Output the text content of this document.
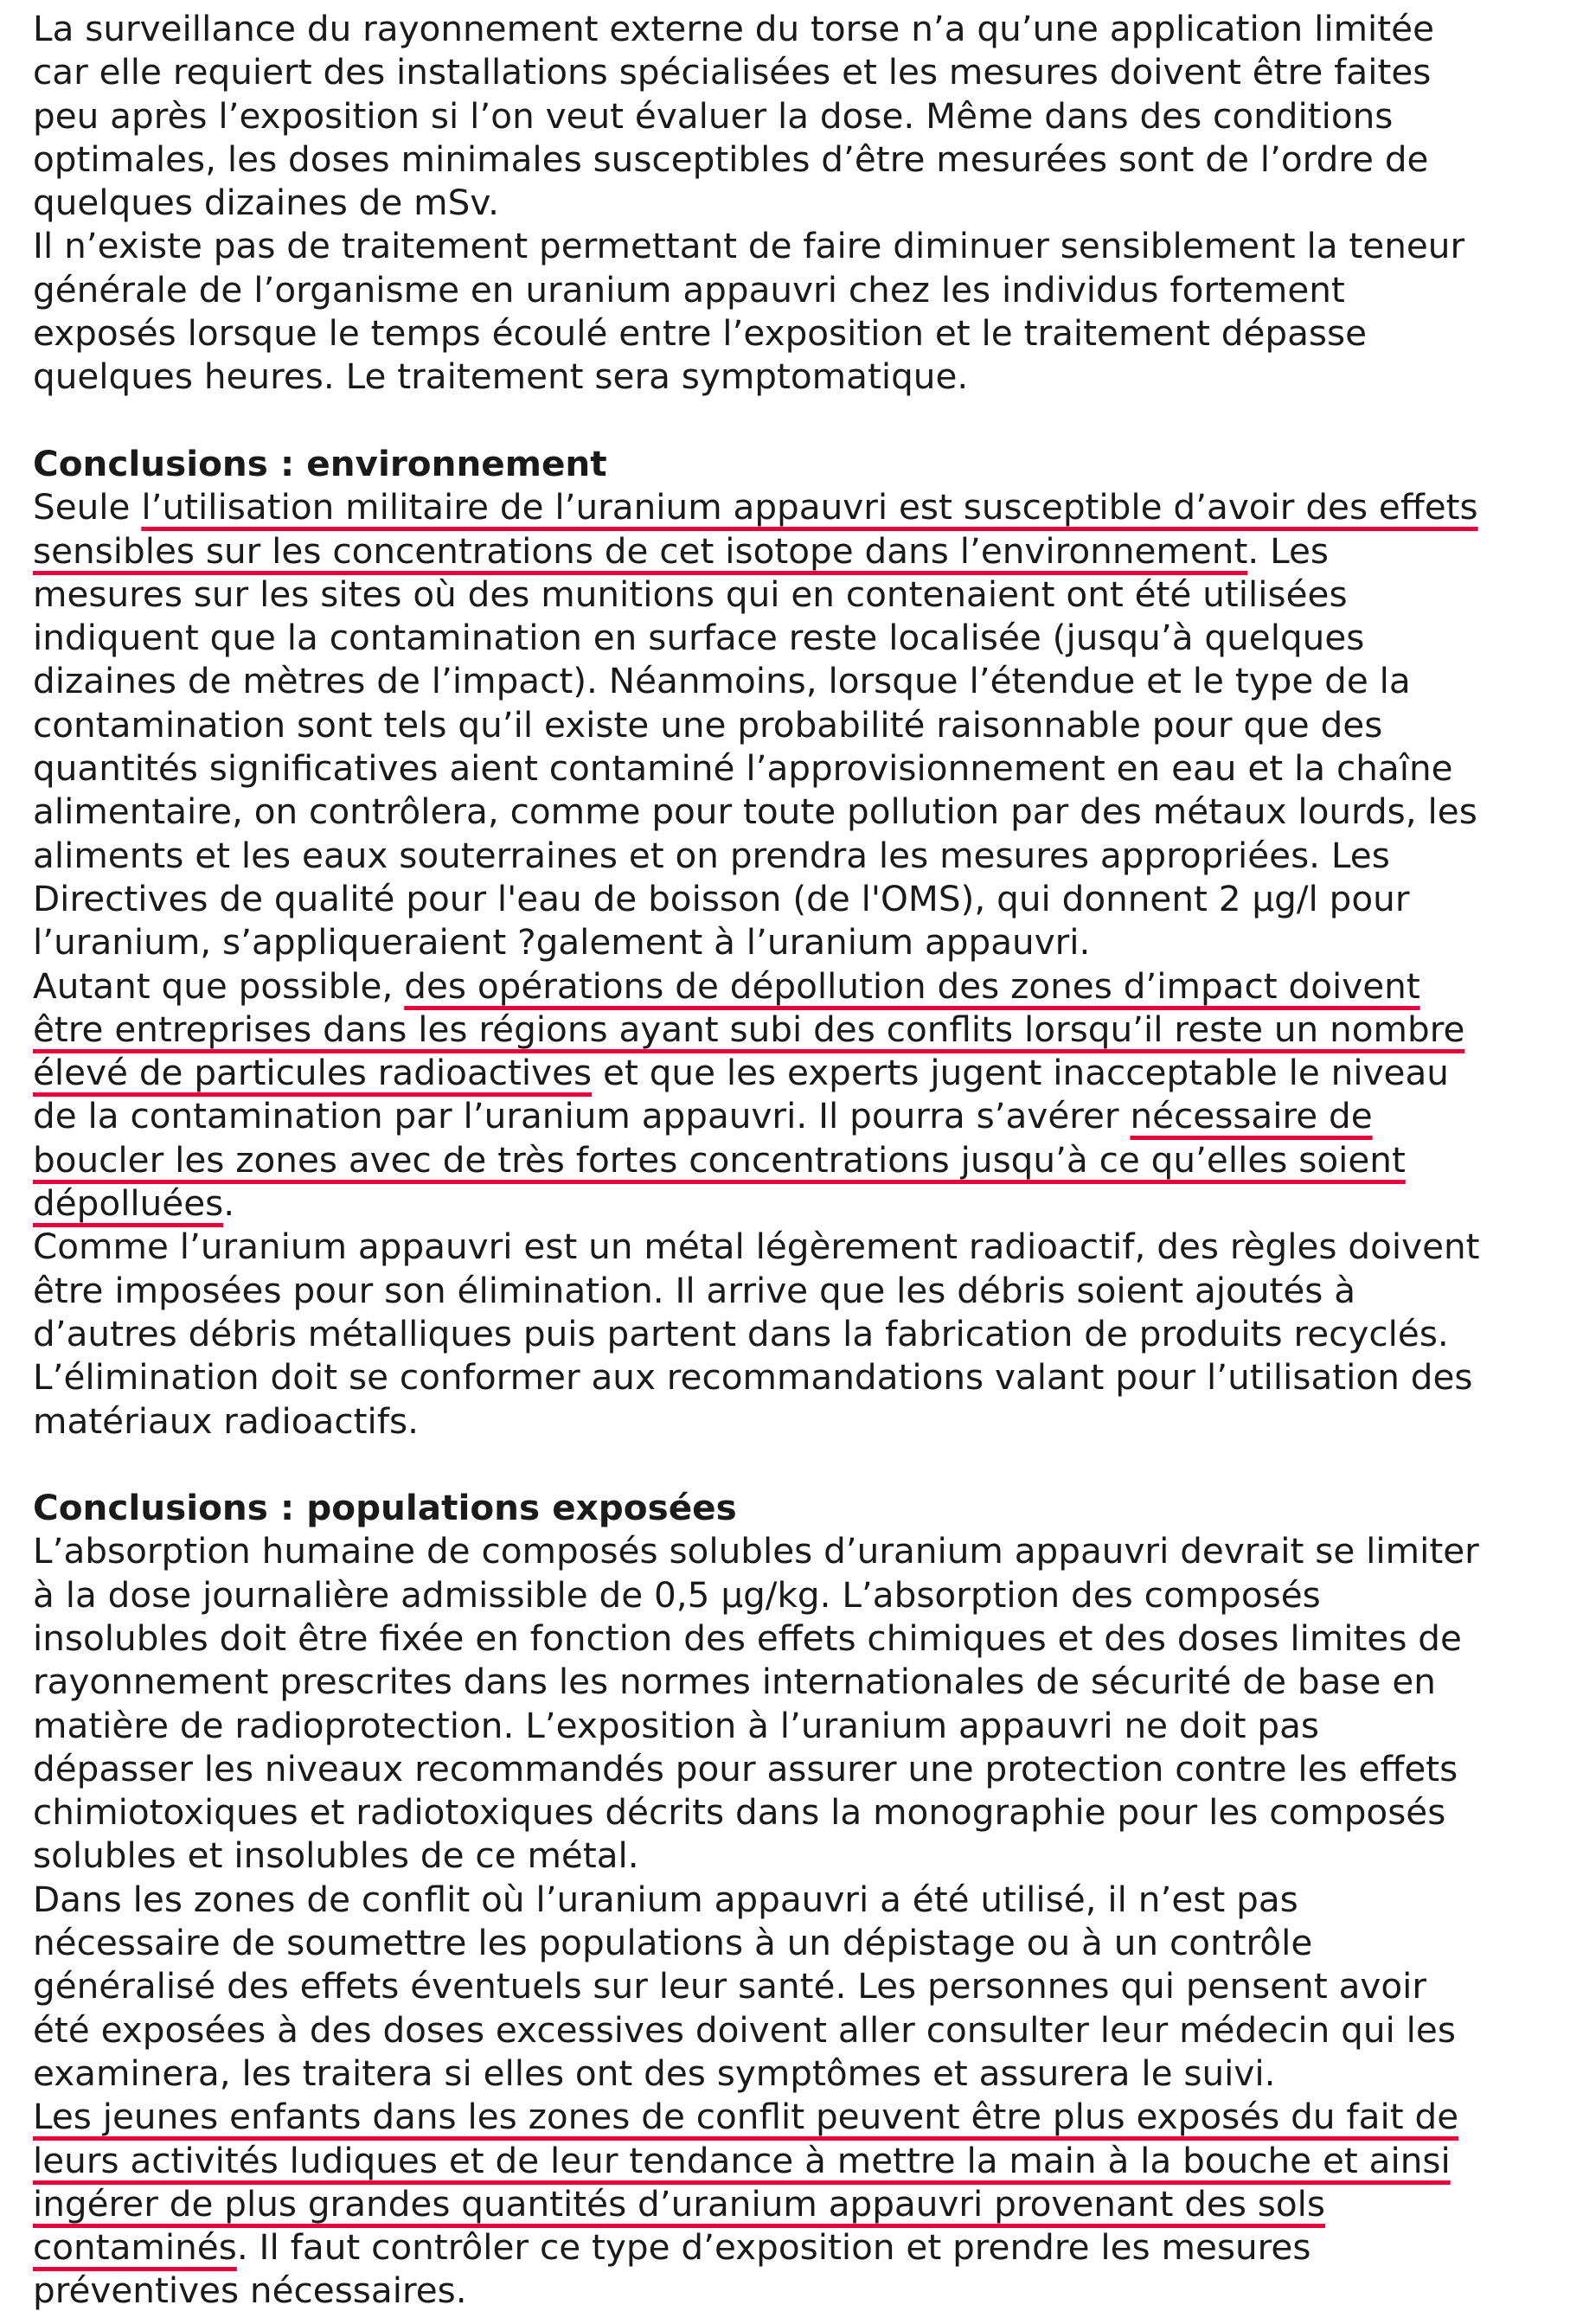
La surveillance du rayonnement externe du torse n’a qu’une application limitée
car elle requiert des installations spécialisées et les mesures doivent être faites
peu après l’exposition si l’on veut évaluer la dose. Même dans des conditions
optimales, les doses minimales susceptibles d’être mesurées sont de l’ordre de
quelques dizaines de mSv.
Il n’existe pas de traitement permettant de faire diminuer sensiblement la teneur
générale de l’organisme en uranium appauvri chez les individus fortement
exposés lorsque le temps écoulé entre l’exposition et le traitement dépasse
quelques heures. Le traitement sera symptomatique.
Conclusions : environnement
Seule l’utilisation militaire de l’uranium appauvri est susceptible d’avoir des effets
sensibles sur les concentrations de cet isotope dans l’environnement. Les
mesures sur les sites où des munitions qui en contenaient ont été utilisées
indiquent que la contamination en surface reste localisée (jusqu’à quelques
dizaines de mètres de l’impact). Néanmoins, lorsque l’étendue et le type de la
contamination sont tels qu’il existe une probabilité raisonnable pour que des
quantités significatives aient contaminé l’approvisionnement en eau et la chaîne
alimentaire, on contrôlera, comme pour toute pollution par des métaux lourds, les
aliments et les eaux souterraines et on prendra les mesures appropriées. Les
Directives de qualité pour l'eau de boisson (de l'OMS), qui donnent 2 µg/l pour
l’uranium, s’appliqueraient ?galement à l’uranium appauvri.
Autant que possible, des opérations de dépollution des zones d’impact doivent
être entreprises dans les régions ayant subi des conflits lorsqu’il reste un nombre
élevé de particules radioactives et que les experts jugent inacceptable le niveau
de la contamination par l’uranium appauvri. Il pourra s’avérer nécessaire de
boucler les zones avec de très fortes concentrations jusqu’à ce qu’elles soient
dépolluées.
Comme l’uranium appauvri est un métal légèrement radioactif, des règles doivent
être imposées pour son élimination. Il arrive que les débris soient ajoutés à
d’autres débris métalliques puis partent dans la fabrication de produits recyclés.
L’élimination doit se conformer aux recommandations valant pour l’utilisation des
matériaux radioactifs.
Conclusions : populations exposées
L’absorption humaine de composés solubles d’uranium appauvri devrait se limiter
à la dose journalière admissible de 0,5 µg/kg. L’absorption des composés
insolubles doit être fixée en fonction des effets chimiques et des doses limites de
rayonnement prescrites dans les normes internationales de sécurité de base en
matière de radioprotection. L’exposition à l’uranium appauvri ne doit pas
dépasser les niveaux recommandés pour assurer une protection contre les effets
chimiotoxiques et radiotoxiques décrits dans la monographie pour les composés
solubles et insolubles de ce métal.
Dans les zones de conflit où l’uranium appauvri a été utilisé, il n’est pas
nécessaire de soumettre les populations à un dépistage ou à un contrôle
généralisé des effets éventuels sur leur santé. Les personnes qui pensent avoir
été exposées à des doses excessives doivent aller consulter leur médecin qui les
examinera, les traitera si elles ont des symptômes et assurera le suivi.
Les jeunes enfants dans les zones de conflit peuvent être plus exposés du fait de
leurs activités ludiques et de leur tendance à mettre la main à la bouche et ainsi
ingérer de plus grandes quantités d’uranium appauvri provenant des sols
contaminés. Il faut contrôler ce type d’exposition et prendre les mesures
préventives nécessaires.
